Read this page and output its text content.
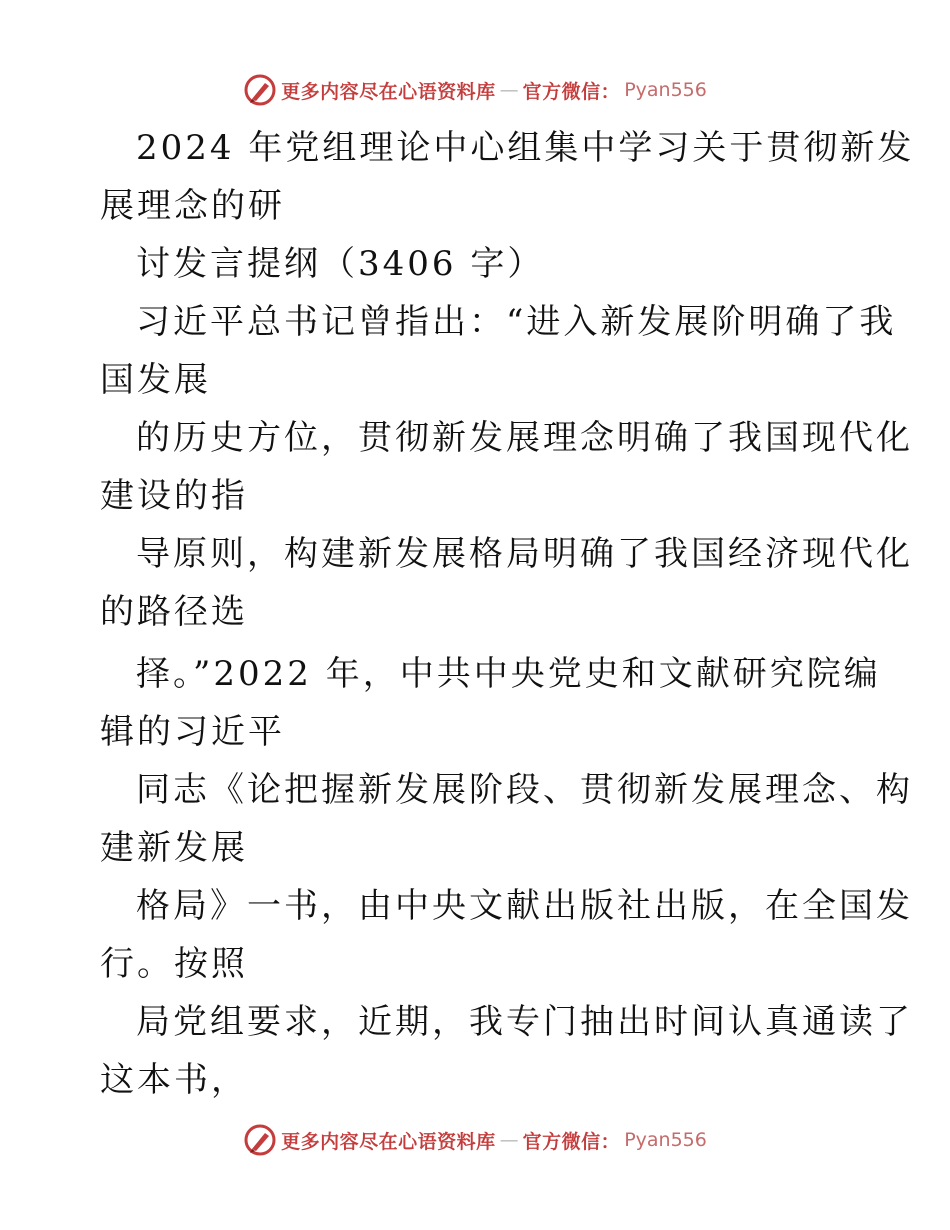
更多内容尽在心语资料库 — 官方微信： Pyan556
2024 年党组理论中心组集中学习关于贯彻新发
展理念的研
讨发言提纲（3406 字）
习近平总书记曾指出：“进入新发展阶明确了我
国发展
的历史方位，贯彻新发展理念明确了我国现代化
建设的指
导原则，构建新发展格局明确了我国经济现代化
的路径选
择。”2022 年，中共中央党史和文献研究院编
辑的习近平
同志《论把握新发展阶段、贯彻新发展理念、构
建新发展
格局》一书，由中央文献出版社出版，在全国发
行。按照
局党组要求，近期，我专门抽出时间认真通读了
这本书，
更多内容尽在心语资料库 — 官方微信： Pyan556
